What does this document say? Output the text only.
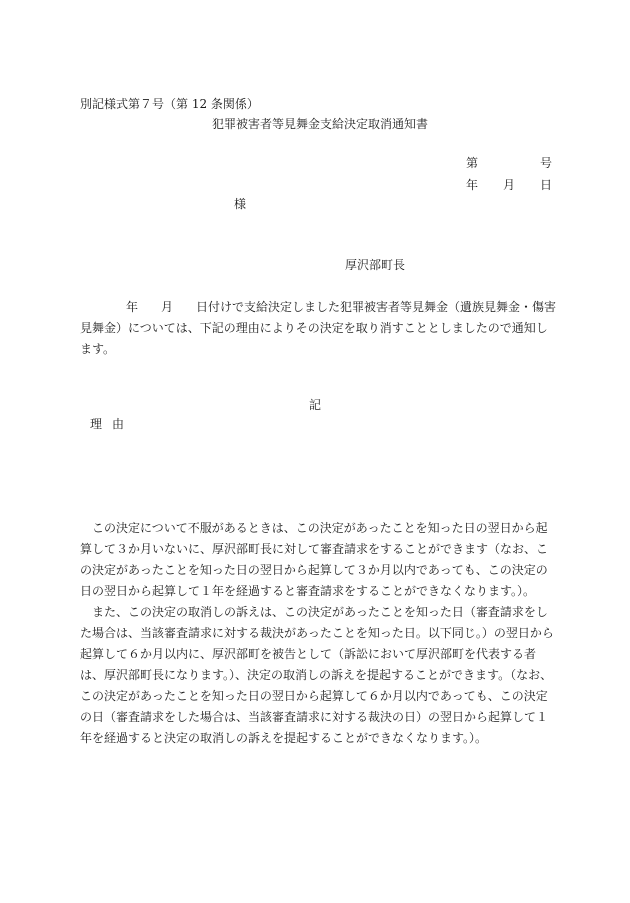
別記様式第７号（第 12 条関係）
犯罪被害者等見舞金支給決定取消通知書
第	号
年 月 日
様
厚沢部町長
年 月 日付けで支給決定しました犯罪被害者等見舞金（遺族見舞金・傷害見舞金）については、下記の理由によりその決定を取り消すこととしましたので通知します。
記
理由

この決定について不服があるときは、この決定があったことを知った日の翌日から起算して３か月いないに、厚沢部町長に対して審査請求をすることができます（なお、この決定があったことを知った日の翌日から起算して３か月以内であっても、この決定の日の翌日から起算して１年を経過すると審査請求をすることができなくなります。）。

また、この決定の取消しの訴えは、この決定があったことを知った日（審査請求をした場合は、当該審査請求に対する裁決があったことを知った日。以下同じ。）の翌日から起算して６か月以内に、厚沢部町を被告として（訴訟において厚沢部町を代表する者は、厚沢部町長になります。）、決定の取消しの訴えを提起することができます。（なお、この決定があったことを知った日の翌日から起算して６か月以内であっても、この決定の日（審査請求をした場合は、当該審査請求に対する裁決の日）の翌日から起算して１年を経過すると決定の取消しの訴えを提起することができなくなります。）。
